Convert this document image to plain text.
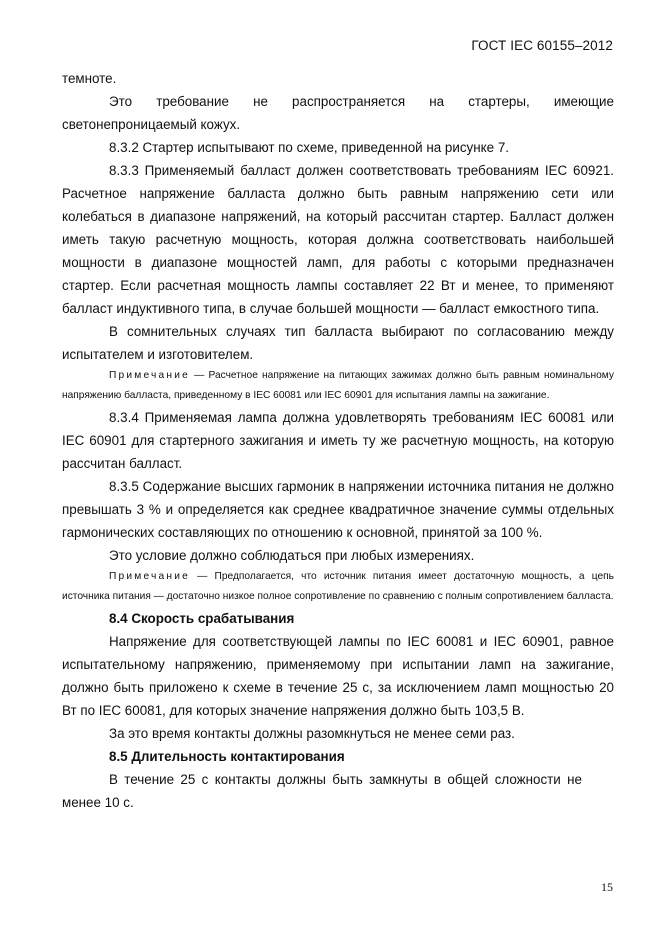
ГОСТ IEC 60155–2012

темноте.

Это требование не распространяется на стартеры, имеющие светонепроницаемый кожух.

8.3.2 Стартер испытывают по схеме, приведенной на рисунке 7.

8.3.3 Применяемый балласт должен соответствовать требованиям IEC 60921. Расчетное напряжение балласта должно быть равным напряжению сети или колебаться в диапазоне напряжений, на который рассчитан стартер. Балласт должен иметь такую расчетную мощность, которая должна соответствовать наибольшей мощности в диапазоне мощностей ламп, для работы с которыми предназначен стартер. Если расчетная мощность лампы составляет 22 Вт и менее, то применяют балласт индуктивного типа, в случае большей мощности — балласт емкостного типа.

В сомнительных случаях тип балласта выбирают по согласованию между испытателем и изготовителем.

Примечание — Расчетное напряжение на питающих зажимах должно быть равным номинальному напряжению балласта, приведенному в IEC 60081 или IEC 60901 для испытания лампы на зажигание.

8.3.4 Применяемая лампа должна удовлетворять требованиям IEC 60081 или IEC 60901 для стартерного зажигания и иметь ту же расчетную мощность, на которую рассчитан балласт.

8.3.5 Содержание высших гармоник в напряжении источника питания не должно превышать 3 % и определяется как среднее квадратичное значение суммы отдельных гармонических составляющих по отношению к основной, принятой за 100 %.

Это условие должно соблюдаться при любых измерениях.

Примечание — Предполагается, что источник питания имеет достаточную мощность, а цепь источника питания — достаточно низкое полное сопротивление по сравнению с полным сопротивлением балласта.

8.4 Скорость срабатывания

Напряжение для соответствующей лампы по IEC 60081 и IEC 60901, равное испытательному напряжению, применяемому при испытании ламп на зажигание, должно быть приложено к схеме в течение 25 с, за исключением ламп мощностью 20 Вт по IEC 60081, для которых значение напряжения должно быть 103,5 В.

За это время контакты должны разомкнуться не менее семи раз.

8.5 Длительность контактирования

В течение 25 с контакты должны быть замкнуты в общей сложности не менее 10 с.

15
